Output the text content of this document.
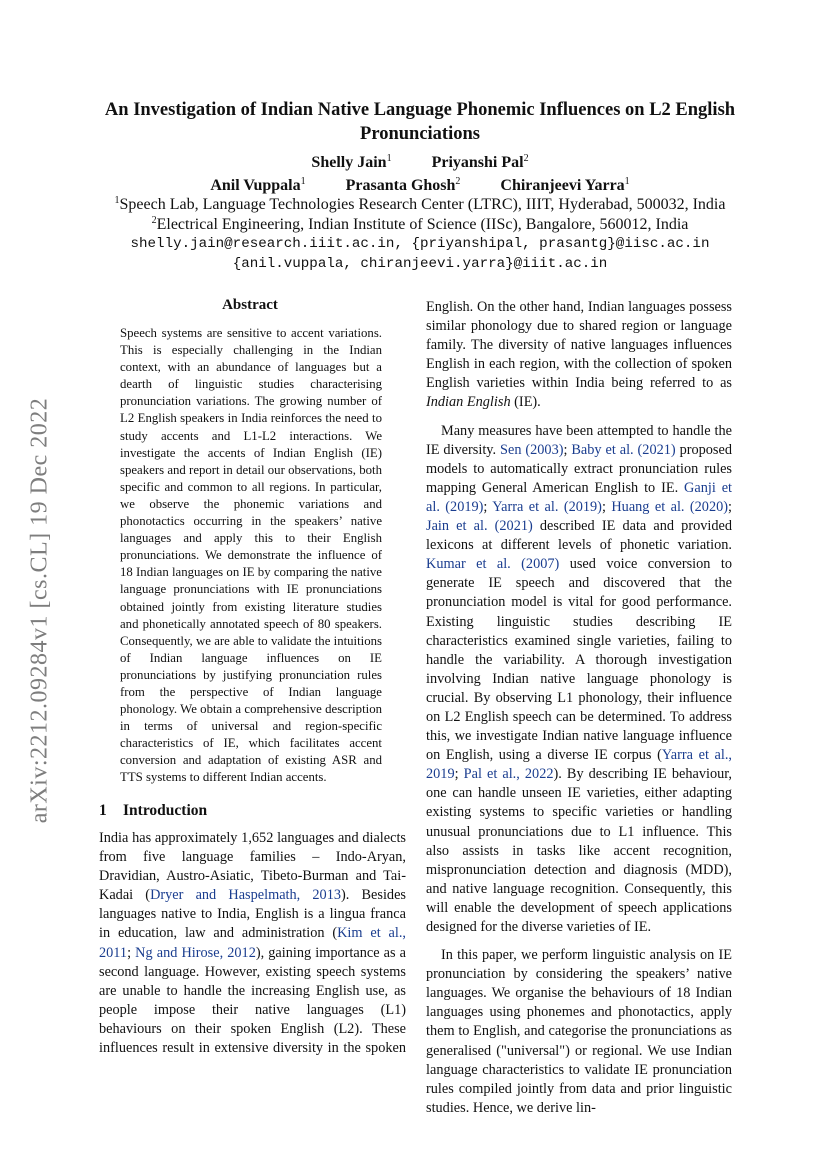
arXiv:2212.09284v1 [cs.CL] 19 Dec 2022
An Investigation of Indian Native Language Phonemic Influences on L2 English Pronunciations
Shelly Jain$^1$	Priyanshi Pal$^2$
Anil Vuppala$^1$	Prasanta Ghosh$^2$	Chiranjeevi Yarra$^1$
$^1$Speech Lab, Language Technologies Research Center (LTRC), IIIT, Hyderabad, 500032, India
$^2$Electrical Engineering, Indian Institute of Science (IISc), Bangalore, 560012, India
shelly.jain@research.iiit.ac.in, {priyanshipal, prasantg}@iisc.ac.in
{anil.vuppala, chiranjeevi.yarra}@iiit.ac.in
Abstract
Speech systems are sensitive to accent variations. This is especially challenging in the Indian context, with an abundance of languages but a dearth of linguistic studies characterising pronunciation variations. The growing number of L2 English speakers in India reinforces the need to study accents and L1-L2 interactions. We investigate the accents of Indian English (IE) speakers and report in detail our observations, both specific and common to all regions. In particular, we observe the phonemic variations and phonotactics occurring in the speakers’ native languages and apply this to their English pronunciations. We demonstrate the influence of 18 Indian languages on IE by comparing the native language pronunciations with IE pronunciations obtained jointly from existing literature studies and phonetically annotated speech of 80 speakers. Consequently, we are able to validate the intuitions of Indian language influences on IE pronunciations by justifying pronunciation rules from the perspective of Indian language phonology. We obtain a comprehensive description in terms of universal and region-specific characteristics of IE, which facilitates accent conversion and adaptation of existing ASR and TTS systems to different Indian accents.
1 Introduction

India has approximately 1,652 languages and dialects from five language families – Indo-Aryan, Dravidian, Austro-Asiatic, Tibeto-Burman and Tai-Kadai (Dryer and Haspelmath, 2013). Besides languages native to India, English is a lingua franca in education, law and administration (Kim et al., 2011; Ng and Hirose, 2012), gaining importance as a second language. However, existing speech systems are unable to handle the increasing English use, as people impose their native languages (L1) behaviours on their spoken English (L2). These influences result in extensive diversity in the spoken

English. On the other hand, Indian languages possess similar phonology due to shared region or language family. The diversity of native languages influences English in each region, with the collection of spoken English varieties within India being referred to as Indian English (IE).

Many measures have been attempted to handle the IE diversity. Sen (2003); Baby et al. (2021) proposed models to automatically extract pronunciation rules mapping General American English to IE. Ganji et al. (2019); Yarra et al. (2019); Huang et al. (2020); Jain et al. (2021) described IE data and provided lexicons at different levels of phonetic variation. Kumar et al. (2007) used voice conversion to generate IE speech and discovered that the pronunciation model is vital for good performance. Existing linguistic studies describing IE characteristics examined single varieties, failing to handle the variability. A thorough investigation involving Indian native language phonology is crucial. By observing L1 phonology, their influence on L2 English speech can be determined. To address this, we investigate Indian native language influence on English, using a diverse IE corpus (Yarra et al., 2019; Pal et al., 2022). By describing IE behaviour, one can handle unseen IE varieties, either adapting existing systems to specific varieties or handling unusual pronunciations due to L1 influence. This also assists in tasks like accent recognition, mispronunciation detection and diagnosis (MDD), and native language recognition. Consequently, this will enable the development of speech applications designed for the diverse varieties of IE.

In this paper, we perform linguistic analysis on IE pronunciation by considering the speakers’ native languages. We organise the behaviours of 18 Indian languages using phonemes and phonotactics, apply them to English, and categorise the pronunciations as generalised ("universal") or regional. We use Indian language characteristics to validate IE pronunciation rules compiled jointly from data and prior linguistic studies. Hence, we derive lin-
